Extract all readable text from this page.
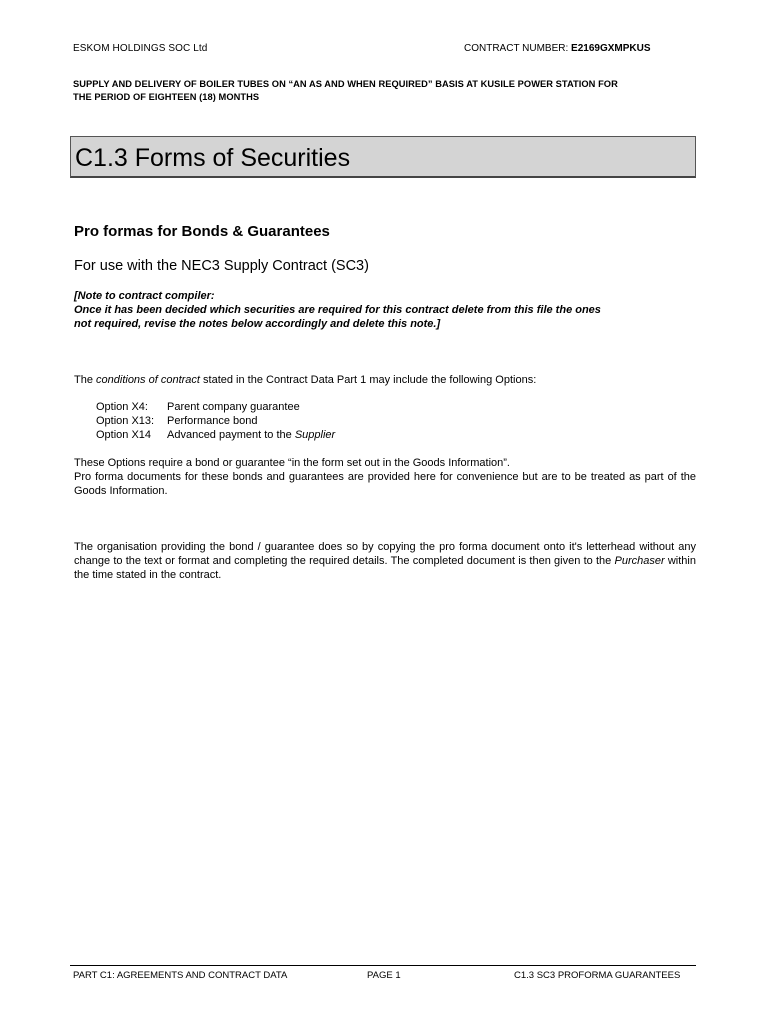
ESKOM HOLDINGS SOC Ltd	CONTRACT NUMBER: E2169GXMPKUS
SUPPLY AND DELIVERY OF BOILER TUBES ON “AN AS AND WHEN REQUIRED” BASIS AT KUSILE POWER STATION FOR
THE PERIOD OF EIGHTEEN (18) MONTHS
C1.3 Forms of Securities
Pro formas for Bonds & Guarantees
For use with the NEC3 Supply Contract (SC3)
[Note to contract compiler:
Once it has been decided which securities are required for this contract delete from this file the ones
not required, revise the notes below accordingly and delete this note.]
The conditions of contract stated in the Contract Data Part 1 may include the following Options:
Option X4:	Parent company guarantee
Option X13:	Performance bond
Option X14	Advanced payment to the Supplier
These Options require a bond or guarantee “in the form set out in the Goods Information”.
Pro forma documents for these bonds and guarantees are provided here for convenience but are to be treated as part of the Goods Information.
The organisation providing the bond / guarantee does so by copying the pro forma document onto it's letterhead without any change to the text or format and completing the required details. The completed document is then given to the Purchaser within the time stated in the contract.
PART C1: AGREEMENTS AND CONTRACT DATA	PAGE 1	C1.3 SC3 PROFORMA GUARANTEES
